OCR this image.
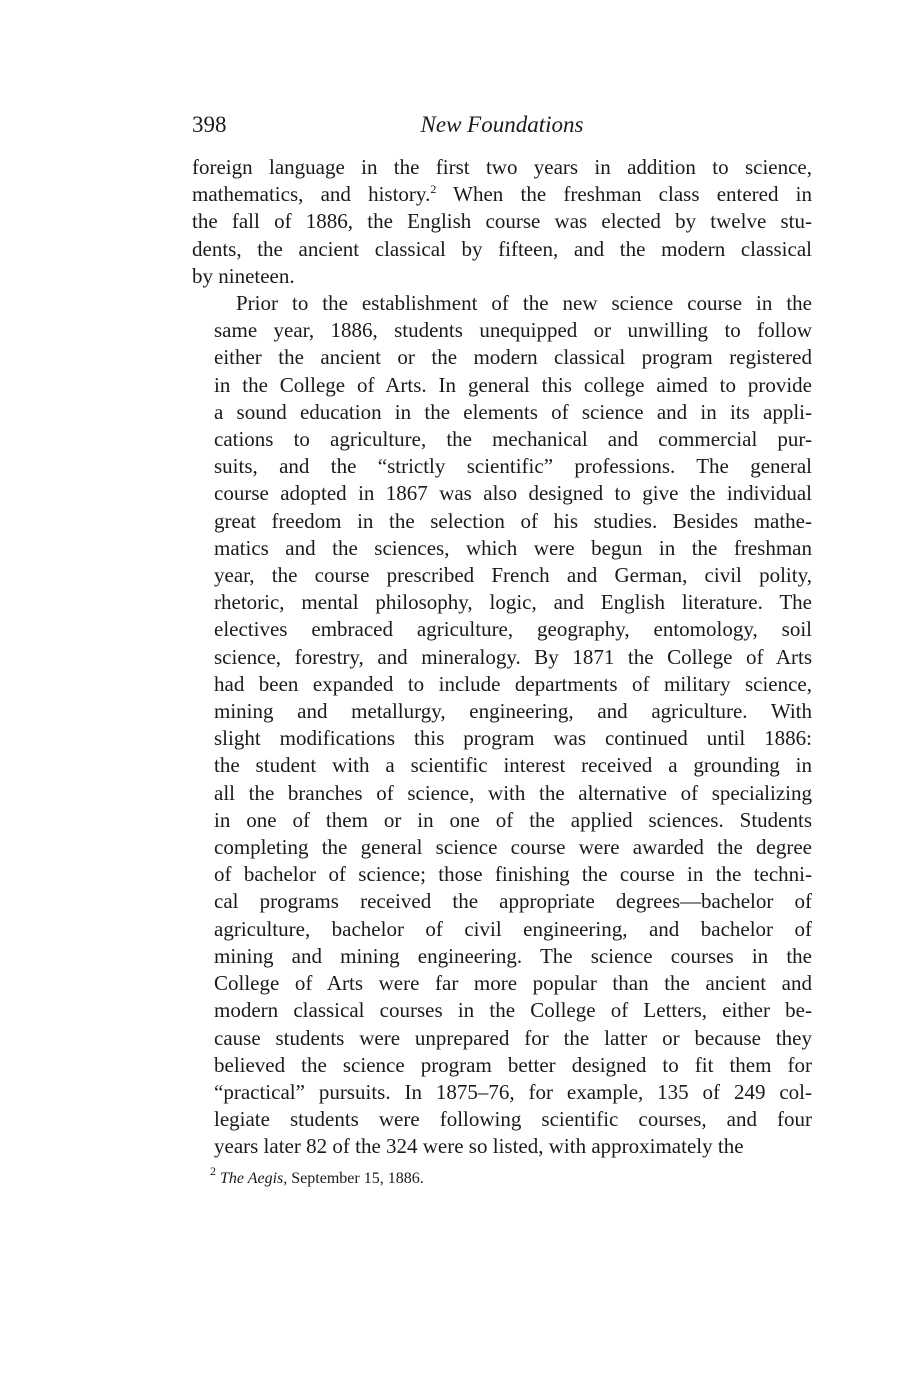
398	New Foundations
foreign language in the first two years in addition to science,
mathematics, and history.$^2$ When the freshman class entered in
the fall of 1886, the English course was elected by twelve stu-
dents, the ancient classical by fifteen, and the modern classical
by nineteen.
Prior to the establishment of the new science course in the
same year, 1886, students unequipped or unwilling to follow
either the ancient or the modern classical program registered
in the College of Arts. In general this college aimed to provide
a sound education in the elements of science and in its appli-
cations to agriculture, the mechanical and commercial pur-
suits, and the “strictly scientific” professions. The general
course adopted in 1867 was also designed to give the individual
great freedom in the selection of his studies. Besides mathe-
matics and the sciences, which were begun in the freshman
year, the course prescribed French and German, civil polity,
rhetoric, mental philosophy, logic, and English literature. The
electives embraced agriculture, geography, entomology, soil
science, forestry, and mineralogy. By 1871 the College of Arts
had been expanded to include departments of military science,
mining and metallurgy, engineering, and agriculture. With
slight modifications this program was continued until 1886:
the student with a scientific interest received a grounding in
all the branches of science, with the alternative of specializing
in one of them or in one of the applied sciences. Students
completing the general science course were awarded the degree
of bachelor of science; those finishing the course in the techni-
cal programs received the appropriate degrees—bachelor of
agriculture, bachelor of civil engineering, and bachelor of
mining and mining engineering. The science courses in the
College of Arts were far more popular than the ancient and
modern classical courses in the College of Letters, either be-
cause students were unprepared for the latter or because they
believed the science program better designed to fit them for
“practical” pursuits. In 1875–76, for example, 135 of 249 col-
legiate students were following scientific courses, and four
years later 82 of the 324 were so listed, with approximately the
$^2$ The Aegis, September 15, 1886.
